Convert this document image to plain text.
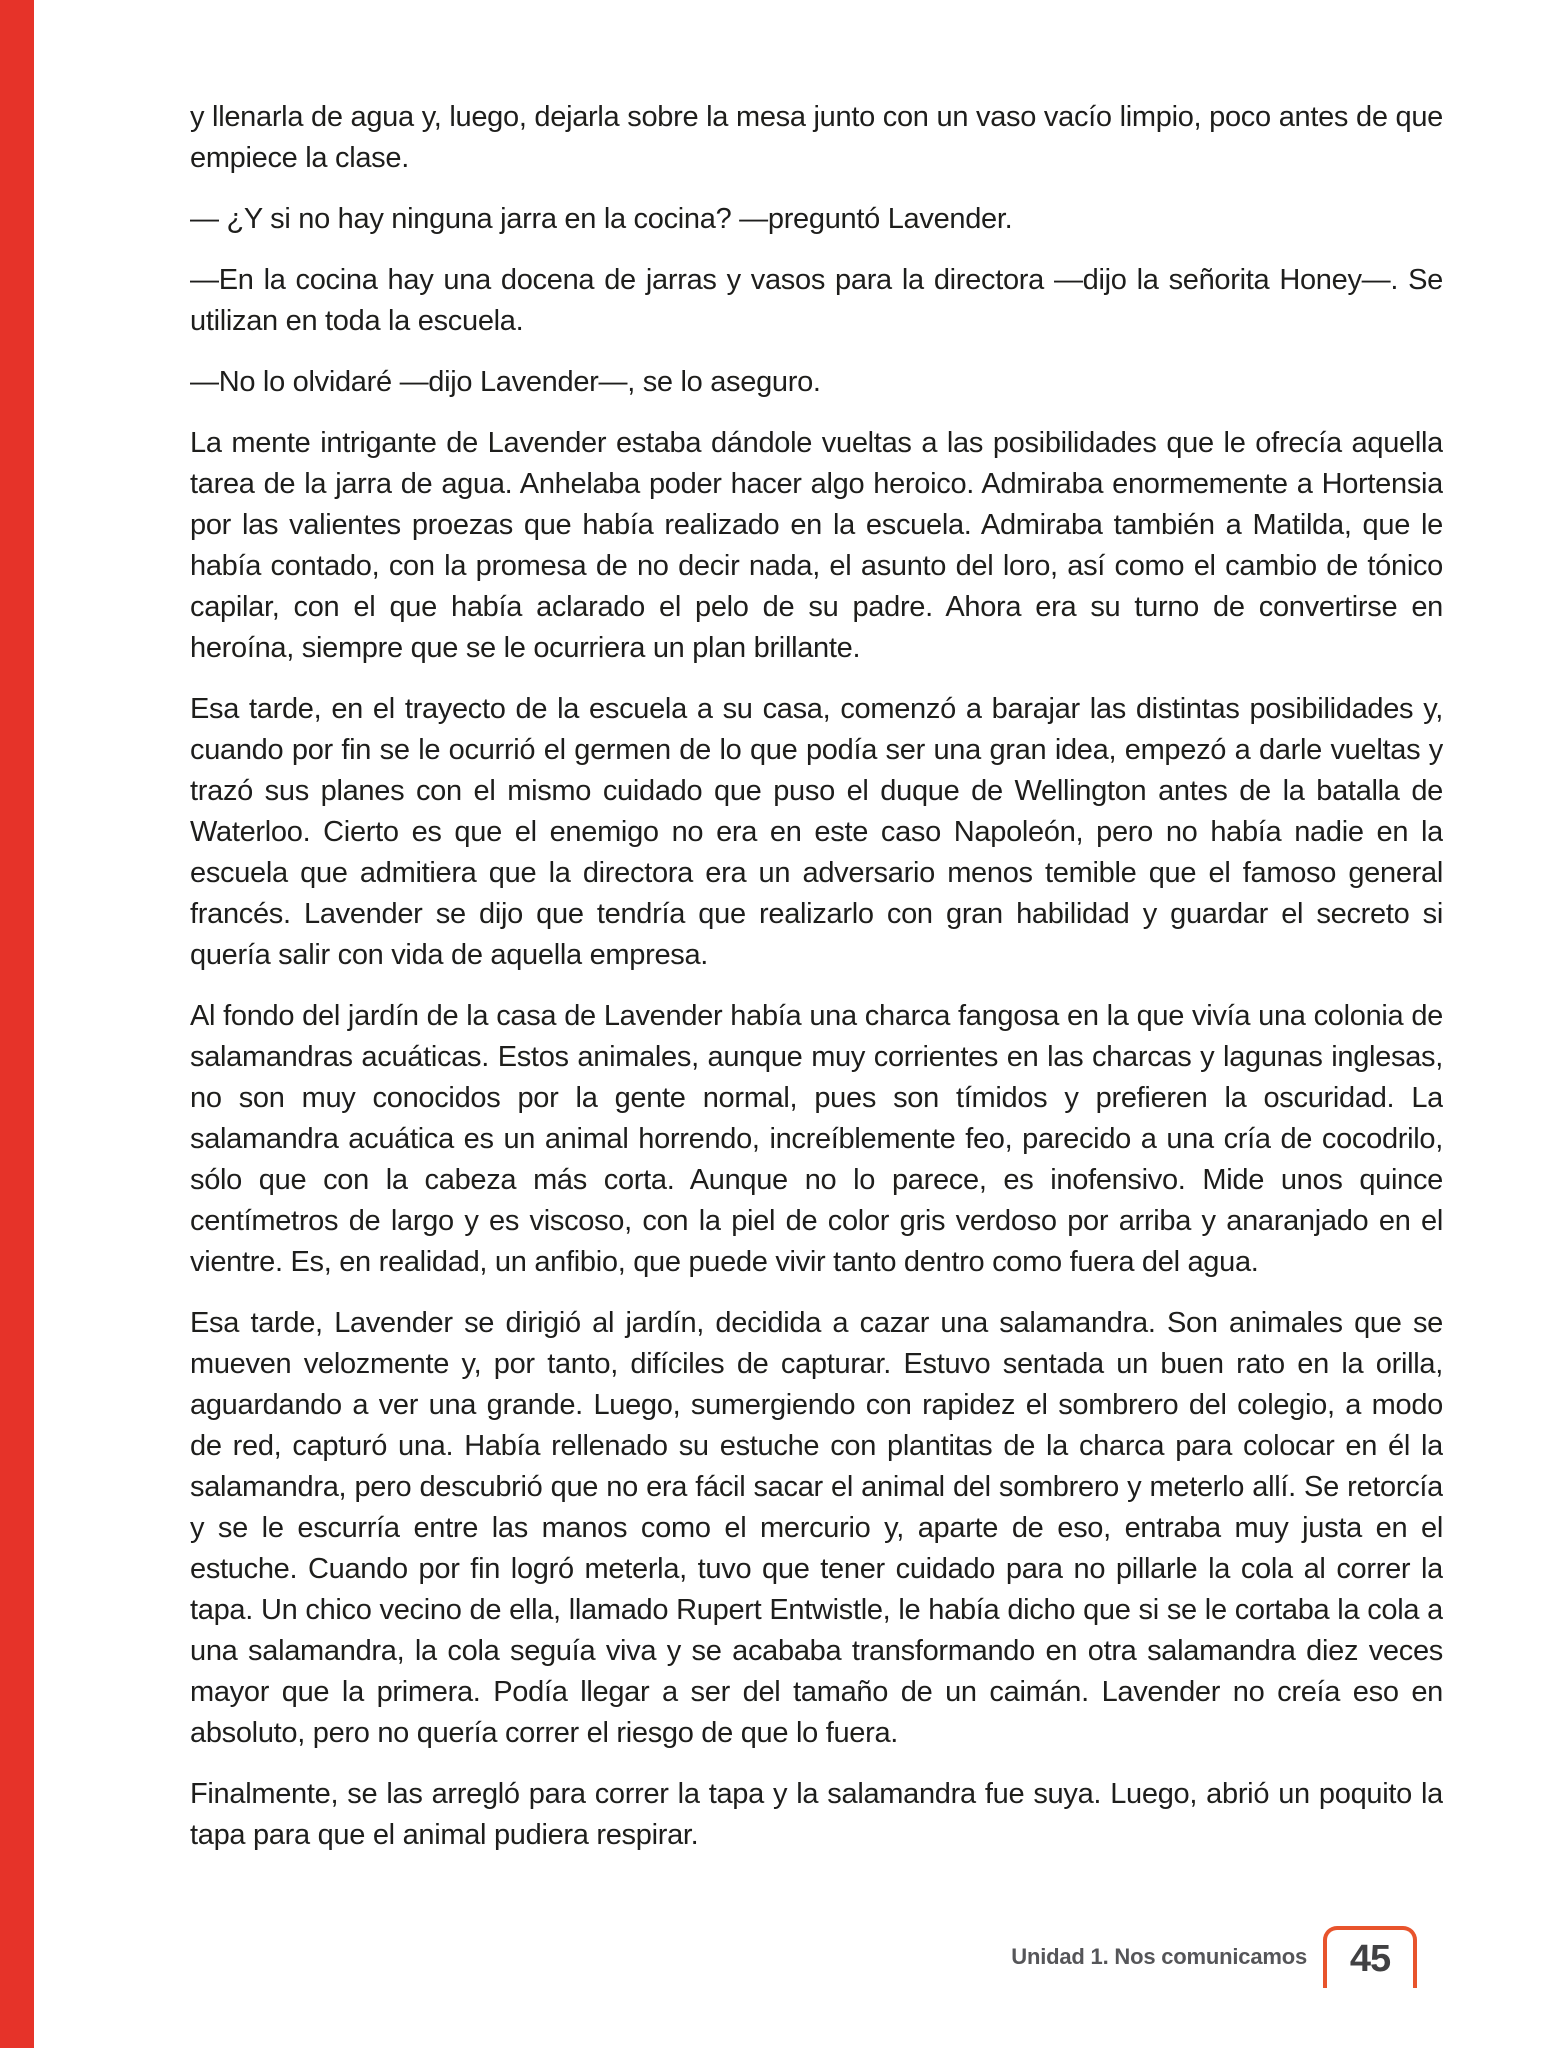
y llenarla de agua y, luego, dejarla sobre la mesa junto con un vaso vacío limpio, poco antes de que empiece la clase.

— ¿Y si no hay ninguna jarra en la cocina? —preguntó Lavender.

—En la cocina hay una docena de jarras y vasos para la directora —dijo la señorita Honey—. Se utilizan en toda la escuela.

—No lo olvidaré —dijo Lavender—, se lo aseguro.

La mente intrigante de Lavender estaba dándole vueltas a las posibilidades que le ofrecía aquella tarea de la jarra de agua. Anhelaba poder hacer algo heroico. Admiraba enormemente a Hortensia por las valientes proezas que había realizado en la escuela. Admiraba también a Matilda, que le había contado, con la promesa de no decir nada, el asunto del loro, así como el cambio de tónico capilar, con el que había aclarado el pelo de su padre. Ahora era su turno de convertirse en heroína, siempre que se le ocurriera un plan brillante.

Esa tarde, en el trayecto de la escuela a su casa, comenzó a barajar las distintas posibilidades y, cuando por fin se le ocurrió el germen de lo que podía ser una gran idea, empezó a darle vueltas y trazó sus planes con el mismo cuidado que puso el duque de Wellington antes de la batalla de Waterloo. Cierto es que el enemigo no era en este caso Napoleón, pero no había nadie en la escuela que admitiera que la directora era un adversario menos temible que el famoso general francés. Lavender se dijo que tendría que realizarlo con gran habilidad y guardar el secreto si quería salir con vida de aquella empresa.

Al fondo del jardín de la casa de Lavender había una charca fangosa en la que vivía una colonia de salamandras acuáticas. Estos animales, aunque muy corrientes en las charcas y lagunas inglesas, no son muy conocidos por la gente normal, pues son tímidos y prefieren la oscuridad. La salamandra acuática es un animal horrendo, increíblemente feo, parecido a una cría de cocodrilo, sólo que con la cabeza más corta. Aunque no lo parece, es inofensivo. Mide unos quince centímetros de largo y es viscoso, con la piel de color gris verdoso por arriba y anaranjado en el vientre. Es, en realidad, un anfibio, que puede vivir tanto dentro como fuera del agua.

Esa tarde, Lavender se dirigió al jardín, decidida a cazar una salamandra. Son animales que se mueven velozmente y, por tanto, difíciles de capturar. Estuvo sentada un buen rato en la orilla, aguardando a ver una grande. Luego, sumergiendo con rapidez el sombrero del colegio, a modo de red, capturó una. Había rellenado su estuche con plantitas de la charca para colocar en él la salamandra, pero descubrió que no era fácil sacar el animal del sombrero y meterlo allí. Se retorcía y se le escurría entre las manos como el mercurio y, aparte de eso, entraba muy justa en el estuche. Cuando por fin logró meterla, tuvo que tener cuidado para no pillarle la cola al correr la tapa. Un chico vecino de ella, llamado Rupert Entwistle, le había dicho que si se le cortaba la cola a una salamandra, la cola seguía viva y se acababa transformando en otra salamandra diez veces mayor que la primera. Podía llegar a ser del tamaño de un caimán. Lavender no creía eso en absoluto, pero no quería correr el riesgo de que lo fuera.

Finalmente, se las arregló para correr la tapa y la salamandra fue suya. Luego, abrió un poquito la tapa para que el animal pudiera respirar.

Unidad 1. Nos comunicamos 45
